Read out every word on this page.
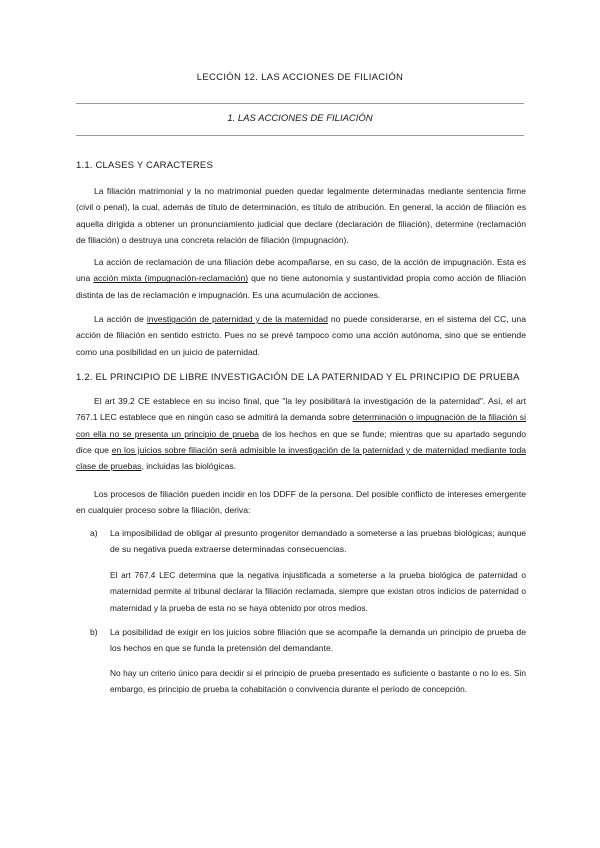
LECCIÓN 12. LAS ACCIONES DE FILIACIÓN
1. LAS ACCIONES DE FILIACIÓN
1.1. CLASES Y CARACTERES

La filiación matrimonial y la no matrimonial pueden quedar legalmente determinadas mediante sentencia firme (civil o penal), la cual, además de título de determinación, es título de atribución. En general, la acción de filiación es aquella dirigida a obtener un pronunciamiento judicial que declare (declaración de filiación), determine (reclamación de filiación) o destruya una concreta relación de filiación (impugnación).

La acción de reclamación de una filiación debe acompañarse, en su caso, de la acción de impugnación. Esta es una acción mixta (impugnación-reclamación) que no tiene autonomía y sustantividad propia como acción de filiación distinta de las de reclamación e impugnación. Es una acumulación de acciones.

La acción de investigación de paternidad y de la maternidad no puede considerarse, en el sistema del CC, una acción de filiación en sentido estricto. Pues no se prevé tampoco como una acción autónoma, sino que se entiende como una posibilidad en un juicio de paternidad.

1.2. EL PRINCIPIO DE LIBRE INVESTIGACIÓN DE LA PATERNIDAD Y EL PRINCIPIO DE PRUEBA

El art 39.2 CE establece en su inciso final, que "la ley posibilitará la investigación de la paternidad". Así, el art 767.1 LEC establece que en ningún caso se admitirá la demanda sobre determinación o impugnación de la filiación si con ella no se presenta un principio de prueba de los hechos en que se funde; mientras que su apartado segundo dice que en los juicios sobre filiación será admisible la investigación de la paternidad y de maternidad mediante toda clase de pruebas, incluidas las biológicas.

Los procesos de filiación pueden incidir en los DDFF de la persona. Del posible conflicto de intereses emergente en cualquier proceso sobre la filiación, deriva:

a)	La imposibilidad de obligar al presunto progenitor demandado a someterse a las pruebas biológicas; aunque de su negativa pueda extraerse determinadas consecuencias.

El art 767.4 LEC determina que la negativa injustificada a someterse a la prueba biológica de paternidad o maternidad permite al tribunal declarar la filiación reclamada, siempre que existan otros indicios de paternidad o maternidad y la prueba de esta no se haya obtenido por otros medios.

b)	La posibilidad de exigir en los juicios sobre filiación que se acompañe la demanda un principio de prueba de los hechos en que se funda la pretensión del demandante.

No hay un criterio único para decidir si el principio de prueba presentado es suficiente o bastante o no lo es. Sin embargo, es principio de prueba la cohabitación o convivencia durante el período de concepción.
